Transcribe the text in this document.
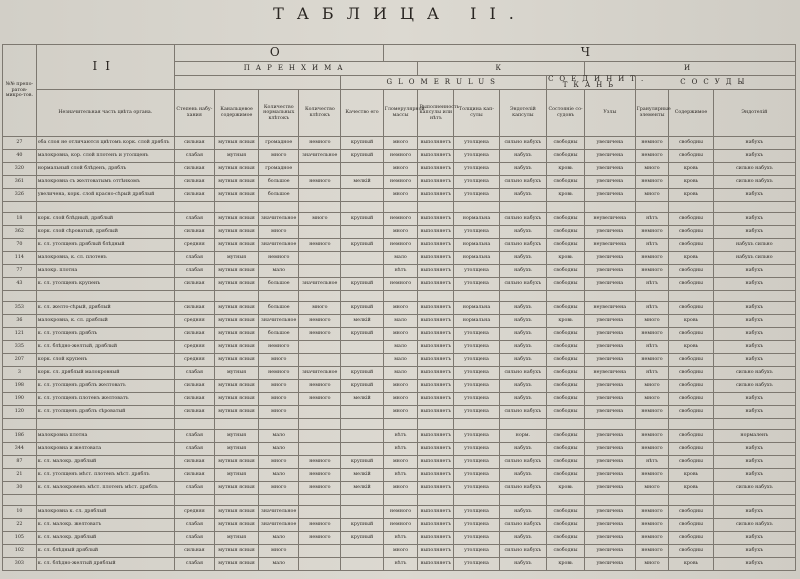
ТАБЛИЦА II.
№№ препо-ратов-микро-тов.	II	О					Ч								
		ПАРЕНХИМА						К				И			
						GLOMERULUS					СОЕДИНИТ. ТКАНЬ		СОСУДЫ		
	Незначительная часть цвѣта органа.	Степень набу-хания	Канальцевое содержимое	Количество нормальных клѣтокъ	Количество клѣтокъ	Качество его	Гломерулярной массы	Выполненность капсулы или нѣтъ	Толщина кап-сулы	Эндотелій капсулы	Состояніе со-судовъ	Узлы	Гранулярные элементы	Содержимое	Эндотелій
27	оба слоя не отличаются цвѣтомъ корк. слой дряблъ	сильная	мутныя ясныя	громадное	немного	крупный	много	выполняетъ	утолщена	сильно набухъ	свободны	увеличена	немного	свободны	набухъ
40	малокровна, кор. слой плотенъ и утолщенъ	слабая	мутныя	много	значительное	крупный	немного	выполняетъ	утолщена	набухъ	свободны	увеличена	немного	свободны	набухъ
320	нормальный слой блѣденъ, дряблъ	сильная	мутныя ясныя	громадное			много	выполняетъ	утолщена	набухъ	кровь	увеличена	много	кровь	сильно набухъ
361	малокровна съ желтоватымъ оттѣнкомъ	сильная	мутныя ясныя	большое	немного	мелкій	немного	выполняетъ	утолщена	сильно набухъ	свободны	увеличена	немного	кровь	сильно набухъ
326	увеличена, корк. слой красно-сѣрый дряблый	сильная	мутныя ясныя	большое			много	выполняетъ	утолщена	набухъ	кровь	увеличена	много	кровь	набухъ

18	корк. слой блѣдный, дряблый	слабая	мутныя ясныя	значительное	много	крупный	немного	выполняетъ	нормальна	сильно набухъ	свободны	неувеличена	нѣтъ	свободны	набухъ
362	корк. слой сѣроватый, дряблый	сильная	мутныя ясныя	много			много	выполняетъ	утолщена	набухъ	свободны	увеличена	немного	свободны	набухъ
70	к. сл. утолщенъ дряблый блѣдный	средняя	мутныя ясныя	значительное	немного	крупный	немного	выполняетъ	нормальна	сильно набухъ	свободны	неувеличена	нѣтъ	свободны	набухъ сильно
114	малокровна, к. сл. плотенъ	слабая	мутныя	немного			мало	выполняетъ	нормальна	набухъ	кровь	увеличена	немного	кровь	набухъ сильно
77	малокр. плотна	слабая	мутныя ясныя	мало			нѣтъ	выполняетъ	утолщена	набухъ	свободны	увеличена	немного	свободны	набухъ
43	к. сл. утолщенъ крупенъ	сильная	мутныя ясныя	большое	значительное	крупный	немного	выполняетъ	утолщена	сильно набухъ	свободны	увеличена	нѣтъ	свободны	набухъ

353	к. сл. желто-сѣрый, дряблый	сильная	мутныя ясныя	большое	много	крупный	много	выполняетъ	нормальна	набухъ	свободны	неувеличена	нѣтъ	свободны	набухъ
36	малокровна, к. сл. дряблый	средняя	мутныя ясныя	значительное	немного	мелкій	мало	выполняетъ	нормальна	набухъ	кровь	увеличена	много	кровь	набухъ
121	к. сл. утолщенъ дряблъ	сильная	мутныя ясныя	большое	немного	крупный	много	выполняетъ	утолщена	набухъ	свободны	увеличена	немного	свободны	набухъ
335	к. сл. блѣдно-желтый, дряблый	средняя	мутныя ясныя	немного			мало	выполняетъ	утолщена	набухъ	свободны	увеличена	нѣтъ	кровь	набухъ
207	корк. слой крупенъ	средняя	мутныя ясныя	много			мало	выполняетъ	утолщена	набухъ	свободны	увеличена	немного	свободны	набухъ
3	корк. сл. дряблый малокровный	слабая	мутныя	немного	значительное	крупный	мало	выполняетъ	утолщена	сильно набухъ	свободны	неувеличена	нѣтъ	свободны	сильно набухъ
198	к. сл. утолщенъ дряблъ желтоватъ	сильная	мутныя ясныя	много	немного	крупный	много	выполняетъ	утолщена	набухъ	свободны	увеличена	много	свободны	сильно набухъ
190	к. сл. утолщенъ плотенъ желтоватъ	сильная	мутныя ясныя	много	немного	мелкій	много	выполняетъ	утолщена	набухъ	свободны	увеличена	много	свободны	набухъ
120	к. сл. утолщенъ дряблъ сѣроватый	сильная	мутныя ясныя	много			много	выполняетъ	утолщена	сильно набухъ	свободны	увеличена	немного	свободны	набухъ

186	малокровна плотна	слабая	мутныя	мало			нѣтъ	выполняетъ	утолщена	норм.	свободны	увеличена	немного	свободны	нормаленъ
344	малокровна и желтовата	слабая	мутныя	мало			нѣтъ	выполняетъ	утолщена	набухъ	свободны	увеличена	немного	свободны	набухъ
87	к. сл. малокр. дряблый	сильная	мутныя ясныя	много	немного	крупный	много	выполняетъ	утолщена	сильно набухъ	свободны	увеличена	нѣтъ	свободны	набухъ
21	к. сл. утолщенъ мѣст. плотенъ мѣст. дряблъ	сильная	мутныя	мало	немного	мелкій	нѣтъ	выполняетъ	утолщена	набухъ	свободны	увеличена	немного	кровь	набухъ
30	к. сл. малокровенъ мѣст. плотенъ мѣст. дряблъ	слабая	мутныя ясныя	много	немного	мелкій	много	выполняетъ	утолщена	сильно набухъ	кровь	увеличена	много	кровь	сильно набухъ

10	малокровна к. сл. дряблый	средняя	мутныя ясныя	значительное			немного	выполняетъ	утолщена	набухъ	свободны	увеличена	немного	свободны	набухъ
22	к. сл. малокр. желтоватъ	слабая	мутныя ясныя	значительное	немного	крупный	немного	выполняетъ	утолщена	сильно набухъ	свободны	увеличена	немного	свободны	сильно набухъ
105	к. сл. малокр. дряблый	слабая	мутныя	мало	немного	крупный	нѣтъ	выполняетъ	утолщена	набухъ	свободны	увеличена	немного	свободны	набухъ
102	к. сл. блѣдный дряблый	сильная	мутныя ясныя	много			много	выполняетъ	утолщена	сильно набухъ	свободны	увеличена	немного	свободны	набухъ
303	к. сл. блѣдно-желтый дряблый	слабая	мутныя ясныя	мало			нѣтъ	выполняетъ	утолщена	набухъ	кровь	увеличена	много	кровь	набухъ
